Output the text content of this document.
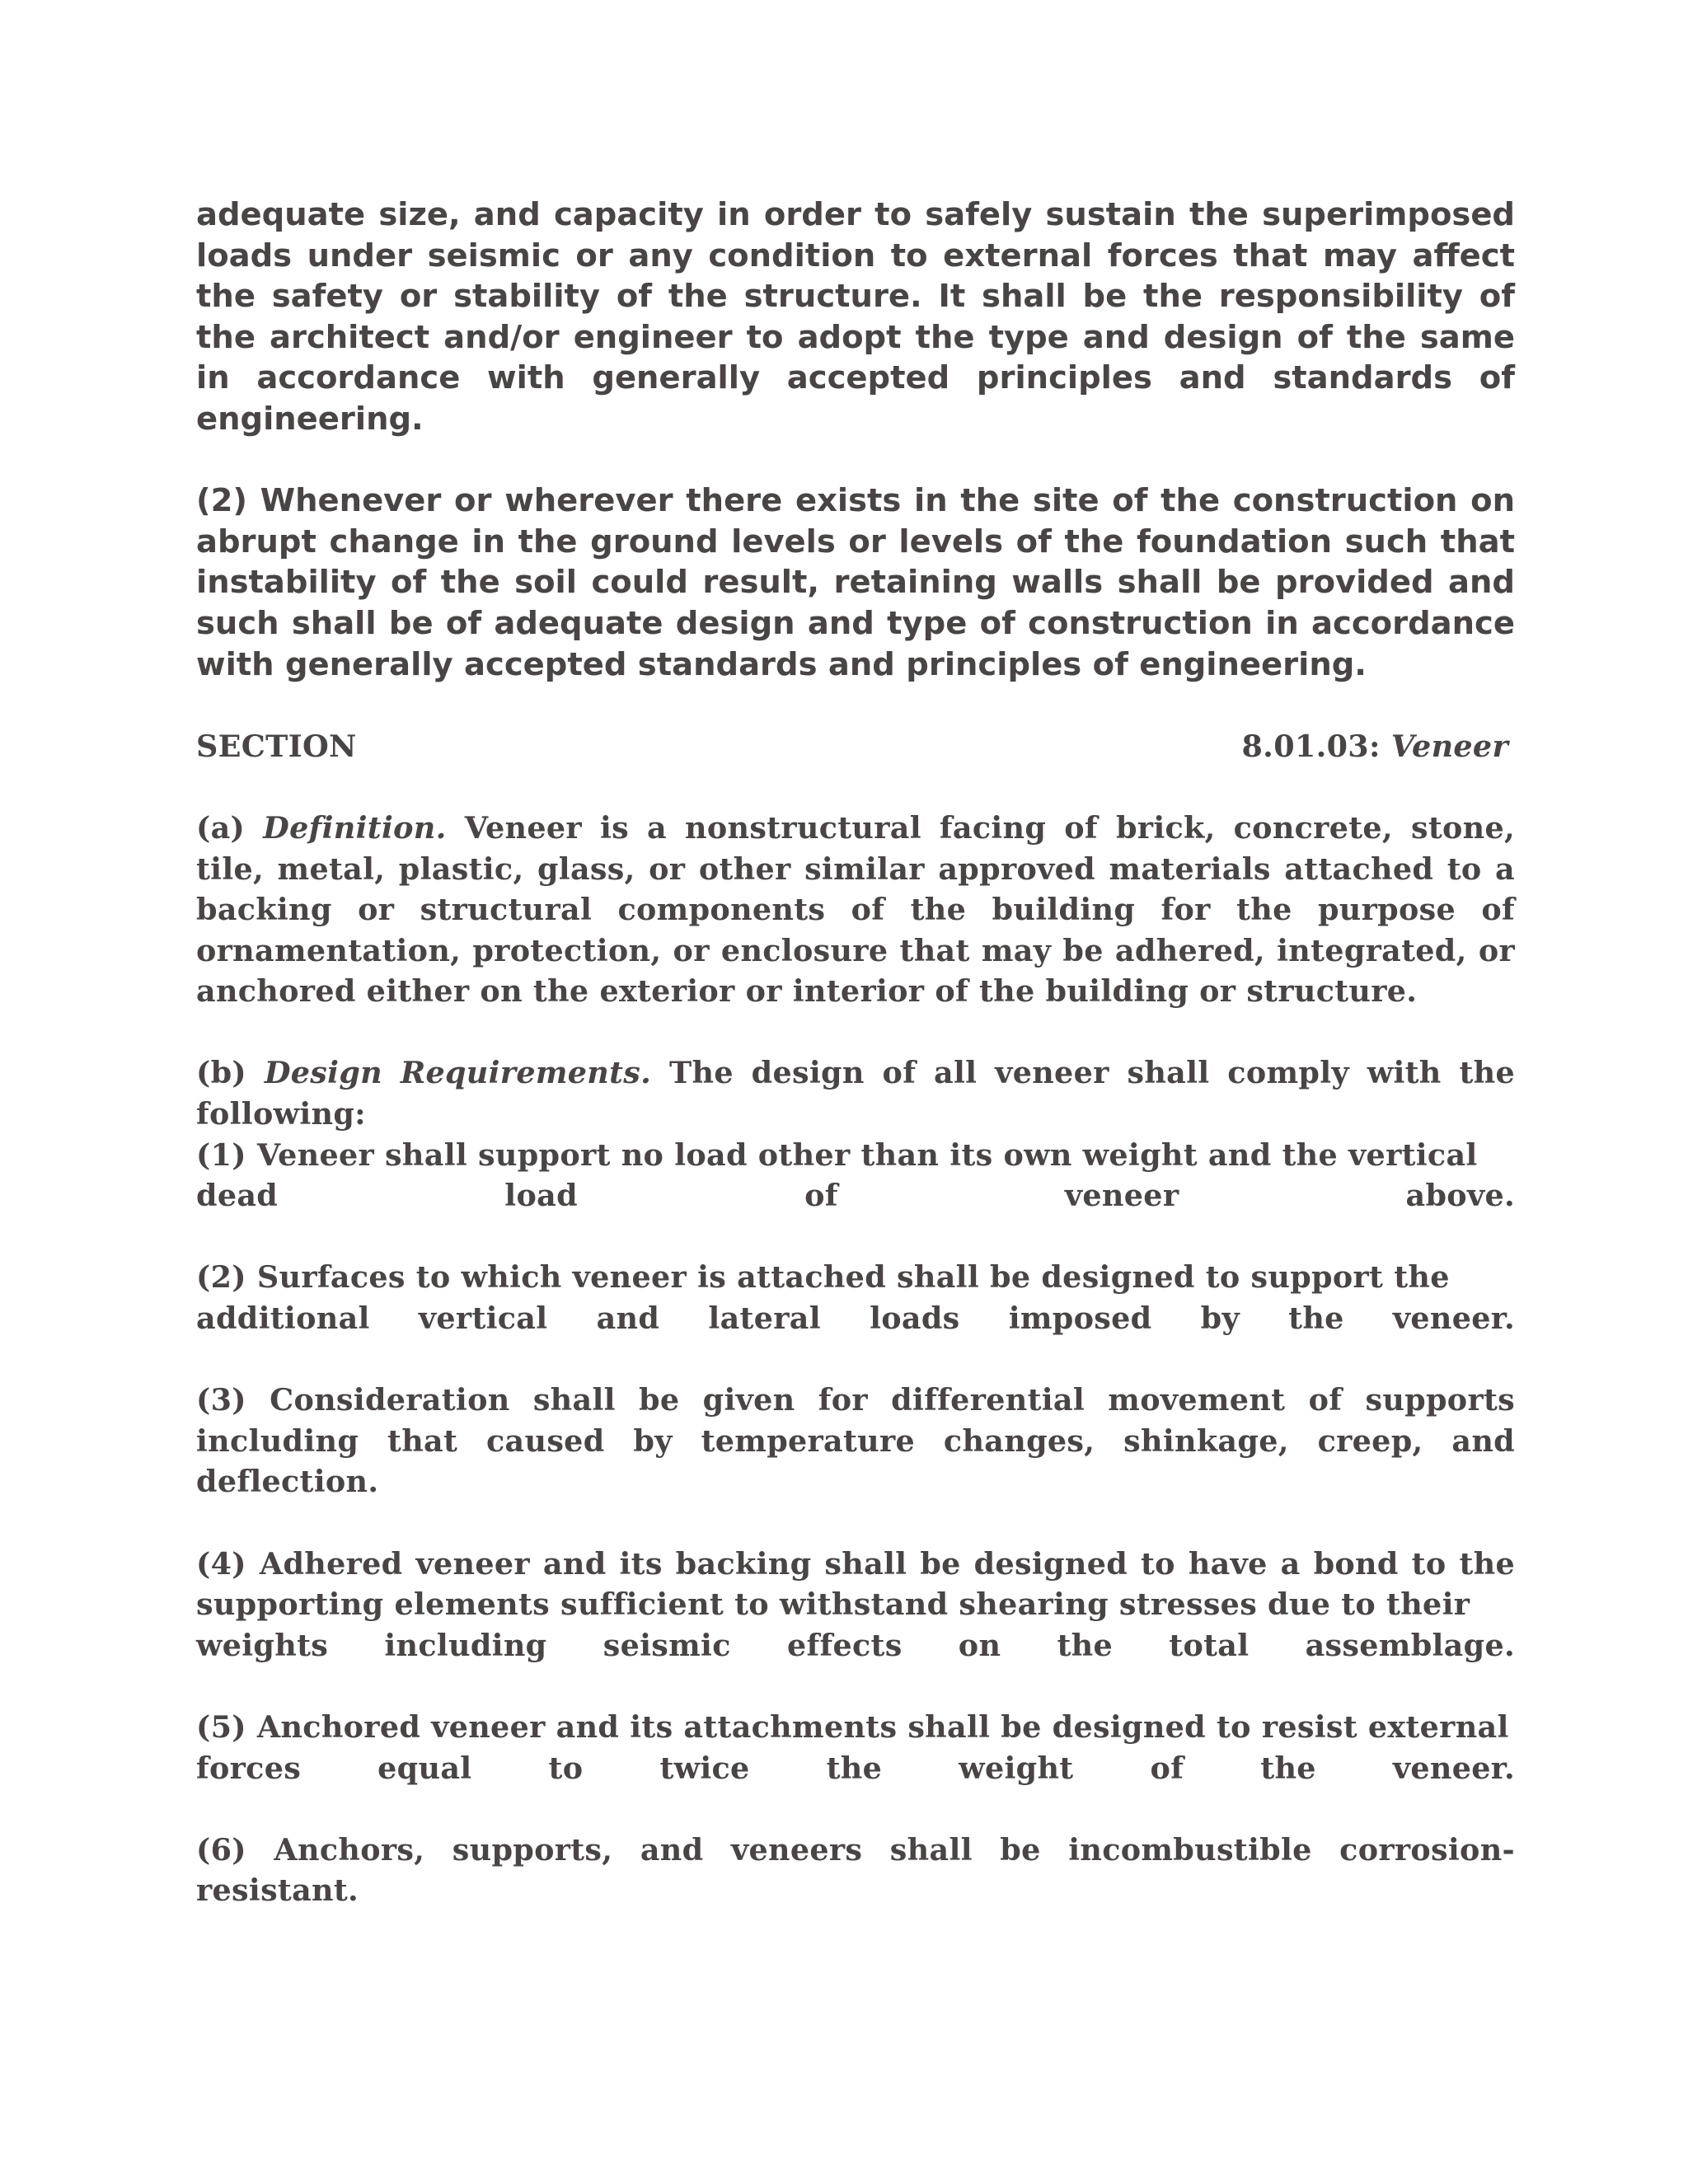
adequate size, and capacity in order to safely sustain the superimposed loads under seismic or any condition to external forces that may affect the safety or stability of the structure. It shall be the responsibility of the architect and/or engineer to adopt the type and design of the same in accordance with generally accepted principles and standards of engineering.

(2) Whenever or wherever there exists in the site of the construction on abrupt change in the ground levels or levels of the foundation such that instability of the soil could result, retaining walls shall be provided and such shall be of adequate design and type of construction in accordance with generally accepted standards and principles of engineering.

SECTION	8.01.03: Veneer

(a) Definition. Veneer is a nonstructural facing of brick, concrete, stone, tile, metal, plastic, glass, or other similar approved materials attached to a backing or structural components of the building for the purpose of ornamentation, protection, or enclosure that may be adhered, integrated, or anchored either on the exterior or interior of the building or structure.

(b) Design Requirements. The design of all veneer shall comply with the following:

(1) Veneer shall support no load other than its own weight and the vertical

dead load of veneer above.

(2) Surfaces to which veneer is attached shall be designed to support the

additional vertical and lateral loads imposed by the veneer.

(3) Consideration shall be given for differential movement of supports including that caused by temperature changes, shinkage, creep, and deflection.

(4) Adhered veneer and its backing shall be designed to have a bond to the supporting elements sufficient to withstand shearing stresses due to their

weights including seismic effects on the total assemblage.

(5) Anchored veneer and its attachments shall be designed to resist external

forces equal to twice the weight of the veneer.

(6) Anchors, supports, and veneers shall be incombustible corrosion-resistant.
